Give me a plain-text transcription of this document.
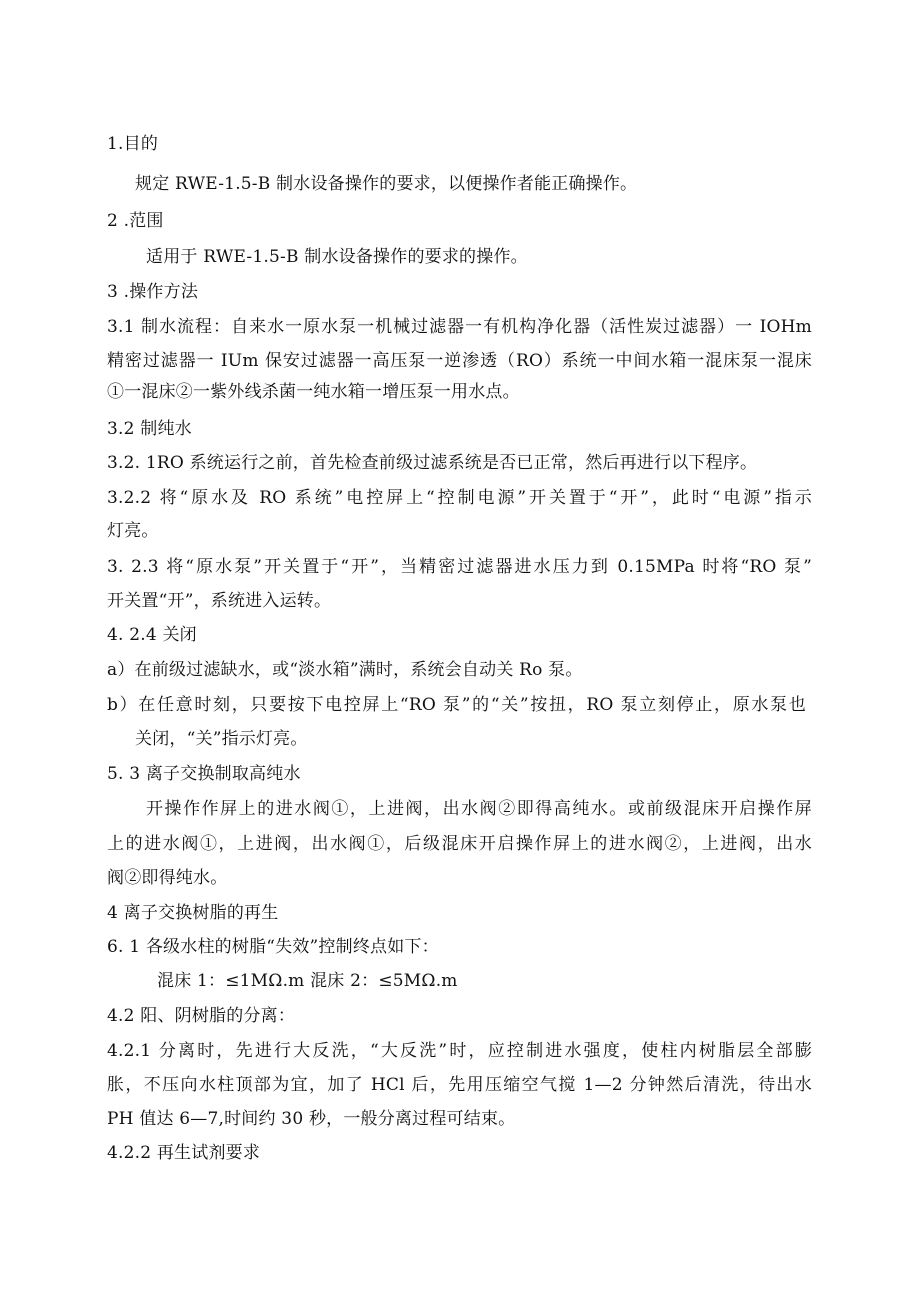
1.目的
规定 RWE-1.5-B 制水设备操作的要求，以便操作者能正确操作。
2 .范围
适用于 RWE-1.5-B 制水设备操作的要求的操作。
3 .操作方法
3.1 制水流程：自来水一原水泵一机械过滤器一有机构净化器（活性炭过滤器）一 IOHm
精密过滤器一 IUm 保安过滤器一高压泵一逆渗透（RO）系统一中间水箱一混床泵一混床
①一混床②一紫外线杀菌一纯水箱一增压泵一用水点。
3.2 制纯水
3.2. 1RO 系统运行之前，首先检查前级过滤系统是否已正常，然后再进行以下程序。
3.2.2 将“原水及 RO 系统”电控屏上“控制电源”开关置于“开”，此时“电源”指示
灯亮。
3. 2.3 将“原水泵”开关置于“开”，当精密过滤器进水压力到 0.15MPa 时将“RO 泵”
开关置“开”，系统进入运转。
4. 2.4 关闭
a）在前级过滤缺水，或“淡水箱”满时，系统会自动关 Ro 泵。
b）在任意时刻，只要按下电控屏上“RO 泵”的“关”按扭，RO 泵立刻停止，原水泵也
关闭，“关”指示灯亮。
5. 3 离子交换制取高纯水
开操作作屏上的进水阀①，上进阀，出水阀②即得高纯水。或前级混床开启操作屏
上的进水阀①，上进阀，出水阀①，后级混床开启操作屏上的进水阀②，上进阀，出水
阀②即得纯水。
4 离子交换树脂的再生
6. 1 各级水柱的树脂“失效”控制终点如下：
混床 1：≤1MΩ.m 混床 2：≤5MΩ.m
4.2 阳、阴树脂的分离：
4.2.1 分离时，先进行大反洗，“大反洗”时，应控制进水强度，使柱内树脂层全部膨
胀，不压向水柱顶部为宜，加了 HCl 后，先用压缩空气搅 1—2 分钟然后清洗，待出水
PH 值达 6—7,时间约 30 秒，一般分离过程可结束。
4.2.2 再生试剂要求
